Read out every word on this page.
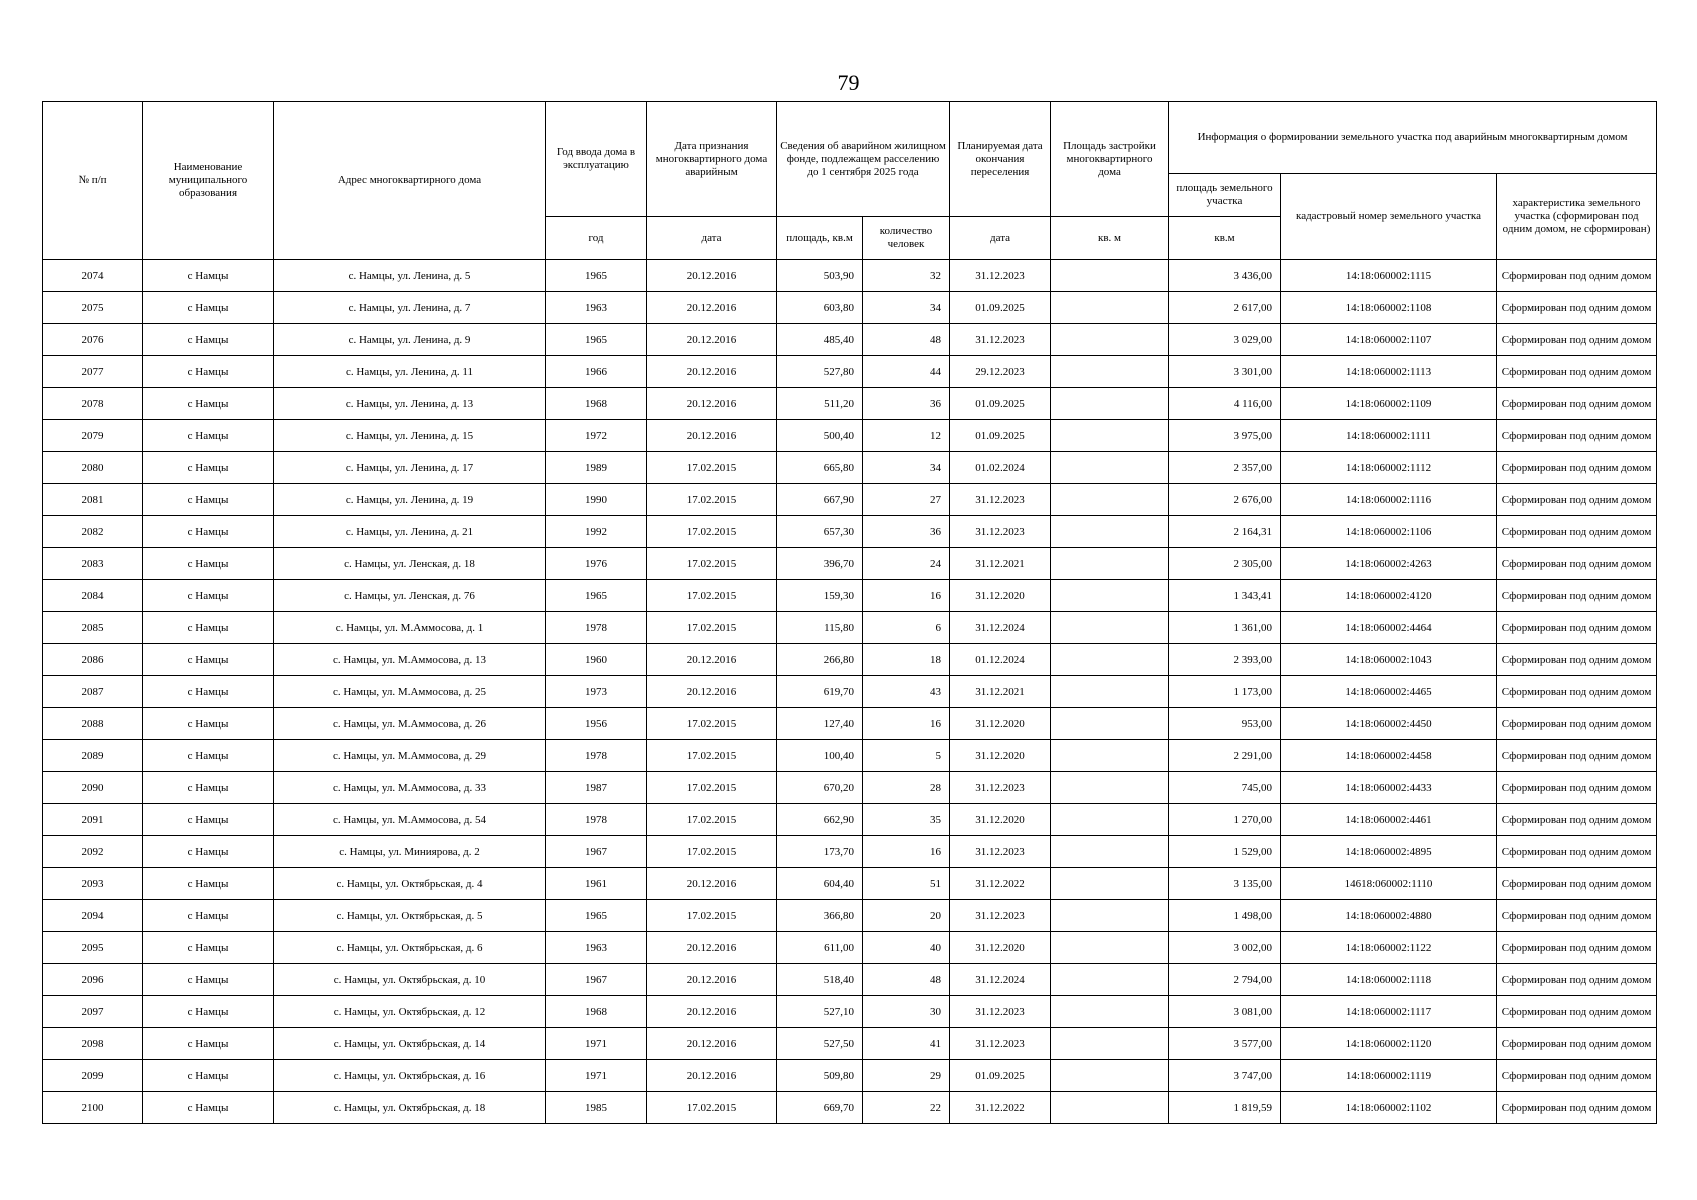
79
№ п/п	Наименование муниципального образования	Адрес многоквартирного дома	Год ввода дома в эксплуатацию	Дата признания многоквартирного дома аварийным	Сведения об аварийном жилищном фонде, подлежащем расселению до 1 сентября 2025 года		Планируемая дата окончания переселения	Площадь застройки многоквартирного дома	Информация о формировании земельного участка под аварийным многоквартирным домом		
									площадь земельного участка	кадастровый номер земельного участка	характеристика земельного участка (сформирован под одним домом, не сформирован)
			год	дата	площадь, кв.м	количество человек	дата	кв. м	кв.м		
2074	с Намцы	с. Намцы, ул. Ленина, д. 5	1965	20.12.2016	503,90	32	31.12.2023		3 436,00	14:18:060002:1115	Сформирован под одним домом
2075	с Намцы	с. Намцы, ул. Ленина, д. 7	1963	20.12.2016	603,80	34	01.09.2025		2 617,00	14:18:060002:1108	Сформирован под одним домом
2076	с Намцы	с. Намцы, ул. Ленина, д. 9	1965	20.12.2016	485,40	48	31.12.2023		3 029,00	14:18:060002:1107	Сформирован под одним домом
2077	с Намцы	с. Намцы, ул. Ленина, д. 11	1966	20.12.2016	527,80	44	29.12.2023		3 301,00	14:18:060002:1113	Сформирован под одним домом
2078	с Намцы	с. Намцы, ул. Ленина, д. 13	1968	20.12.2016	511,20	36	01.09.2025		4 116,00	14:18:060002:1109	Сформирован под одним домом
2079	с Намцы	с. Намцы, ул. Ленина, д. 15	1972	20.12.2016	500,40	12	01.09.2025		3 975,00	14:18:060002:1111	Сформирован под одним домом
2080	с Намцы	с. Намцы, ул. Ленина, д. 17	1989	17.02.2015	665,80	34	01.02.2024		2 357,00	14:18:060002:1112	Сформирован под одним домом
2081	с Намцы	с. Намцы, ул. Ленина, д. 19	1990	17.02.2015	667,90	27	31.12.2023		2 676,00	14:18:060002:1116	Сформирован под одним домом
2082	с Намцы	с. Намцы, ул. Ленина, д. 21	1992	17.02.2015	657,30	36	31.12.2023		2 164,31	14:18:060002:1106	Сформирован под одним домом
2083	с Намцы	с. Намцы, ул. Ленская, д. 18	1976	17.02.2015	396,70	24	31.12.2021		2 305,00	14:18:060002:4263	Сформирован под одним домом
2084	с Намцы	с. Намцы, ул. Ленская, д. 76	1965	17.02.2015	159,30	16	31.12.2020		1 343,41	14:18:060002:4120	Сформирован под одним домом
2085	с Намцы	с. Намцы, ул. М.Аммосова, д. 1	1978	17.02.2015	115,80	6	31.12.2024		1 361,00	14:18:060002:4464	Сформирован под одним домом
2086	с Намцы	с. Намцы, ул. М.Аммосова, д. 13	1960	20.12.2016	266,80	18	01.12.2024		2 393,00	14:18:060002:1043	Сформирован под одним домом
2087	с Намцы	с. Намцы, ул. М.Аммосова, д. 25	1973	20.12.2016	619,70	43	31.12.2021		1 173,00	14:18:060002:4465	Сформирован под одним домом
2088	с Намцы	с. Намцы, ул. М.Аммосова, д. 26	1956	17.02.2015	127,40	16	31.12.2020		953,00	14:18:060002:4450	Сформирован под одним домом
2089	с Намцы	с. Намцы, ул. М.Аммосова, д. 29	1978	17.02.2015	100,40	5	31.12.2020		2 291,00	14:18:060002:4458	Сформирован под одним домом
2090	с Намцы	с. Намцы, ул. М.Аммосова, д. 33	1987	17.02.2015	670,20	28	31.12.2023		745,00	14:18:060002:4433	Сформирован под одним домом
2091	с Намцы	с. Намцы, ул. М.Аммосова, д. 54	1978	17.02.2015	662,90	35	31.12.2020		1 270,00	14:18:060002:4461	Сформирован под одним домом
2092	с Намцы	с. Намцы, ул. Миниярова, д. 2	1967	17.02.2015	173,70	16	31.12.2023		1 529,00	14:18:060002:4895	Сформирован под одним домом
2093	с Намцы	с. Намцы, ул. Октябрьская, д. 4	1961	20.12.2016	604,40	51	31.12.2022		3 135,00	14618:060002:1110	Сформирован под одним домом
2094	с Намцы	с. Намцы, ул. Октябрьская, д. 5	1965	17.02.2015	366,80	20	31.12.2023		1 498,00	14:18:060002:4880	Сформирован под одним домом
2095	с Намцы	с. Намцы, ул. Октябрьская, д. 6	1963	20.12.2016	611,00	40	31.12.2020		3 002,00	14:18:060002:1122	Сформирован под одним домом
2096	с Намцы	с. Намцы, ул. Октябрьская, д. 10	1967	20.12.2016	518,40	48	31.12.2024		2 794,00	14:18:060002:1118	Сформирован под одним домом
2097	с Намцы	с. Намцы, ул. Октябрьская, д. 12	1968	20.12.2016	527,10	30	31.12.2023		3 081,00	14:18:060002:1117	Сформирован под одним домом
2098	с Намцы	с. Намцы, ул. Октябрьская, д. 14	1971	20.12.2016	527,50	41	31.12.2023		3 577,00	14:18:060002:1120	Сформирован под одним домом
2099	с Намцы	с. Намцы, ул. Октябрьская, д. 16	1971	20.12.2016	509,80	29	01.09.2025		3 747,00	14:18:060002:1119	Сформирован под одним домом
2100	с Намцы	с. Намцы, ул. Октябрьская, д. 18	1985	17.02.2015	669,70	22	31.12.2022		1 819,59	14:18:060002:1102	Сформирован под одним домом
